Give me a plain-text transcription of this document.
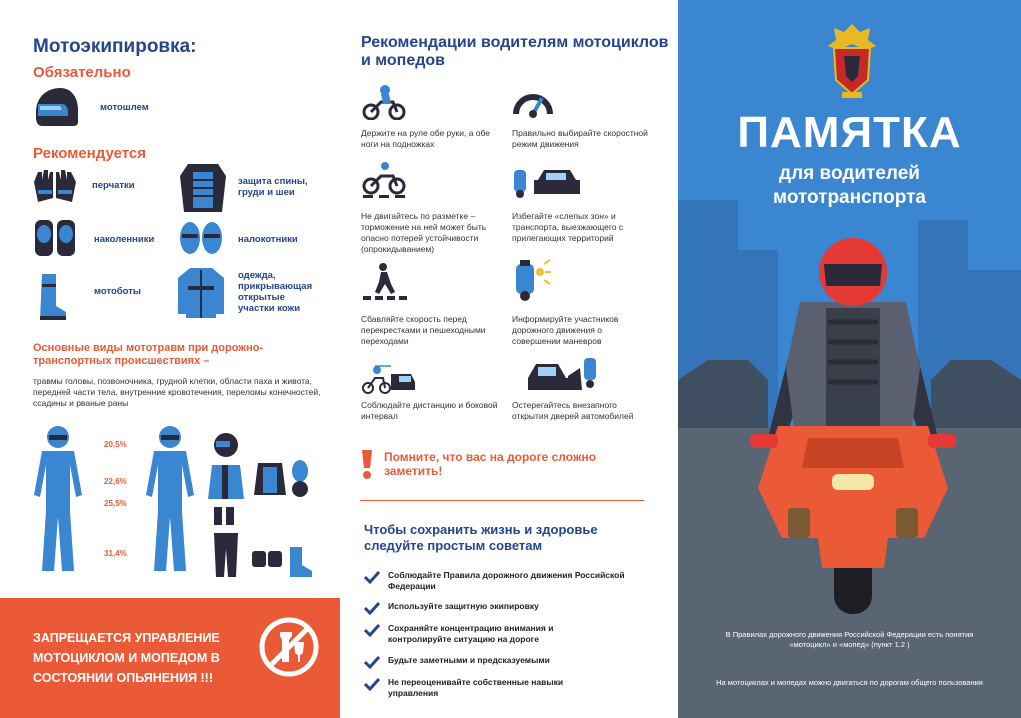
Мотоэкипировка:
Обязательно
мотошлем
Рекомендуется
перчатки	защита спины, груди и шеи
наколенники	налокотники
мотоботы
одежда, прикрывающая открытые участки кожи
Основные виды мототравм при дорожно-транспортных происшествиях –
травмы головы, позвоночника, грудной клетки, области паха и живота, передней части тела, внутренние кровотечения, переломы конечностей, ссадины и рваные раны
20,5%
22,6%
25,5%
31,4%
ЗАПРЕЩАЕТСЯ УПРАВЛЕНИЕ МОТОЦИКЛОМ И МОПЕДОМ В СОСТОЯНИИ ОПЬЯНЕНИЯ !!!
Рекомендации водителям мотоциклов и мопедов
Держите на руле обе руки, а обе ноги на подножках
Правильно выбирайте скоростной режим движения
Не двигайтесь по разметке – торможение на ней может быть опасно потерей устойчивости (опрокидыванием)
Избегайте «слепых зон» и транспорта, выезжающего с прилегающих территорий
Сбавляйте скорость перед перекрестками и пешеходными переходами
Информируйте участников дорожного движения о совершении маневров
Соблюдайте дистанцию и боковой интервал
Остерегайтесь внезапного открытия дверей автомобилей
Помните, что вас на дороге сложно заметить!
Чтобы сохранить жизнь и здоровье следуйте простым советам
Соблюдайте Правила дорожного движения Российской Федерации
Используйте защитную экипировку
Сохраняйте концентрацию внимания и контролируйте ситуацию на дороге
Будьте заметными и предсказуемыми
Не переоценивайте собственные навыки управления
ПАМЯТКА
для водителей
мототранспорта
В Правилах дорожного движения Российской Федерации есть понятия «мотоцикл» и «мопед» (пункт 1.2 )
На мотоциклах и мопедах можно двигаться по дорогам общего пользования
